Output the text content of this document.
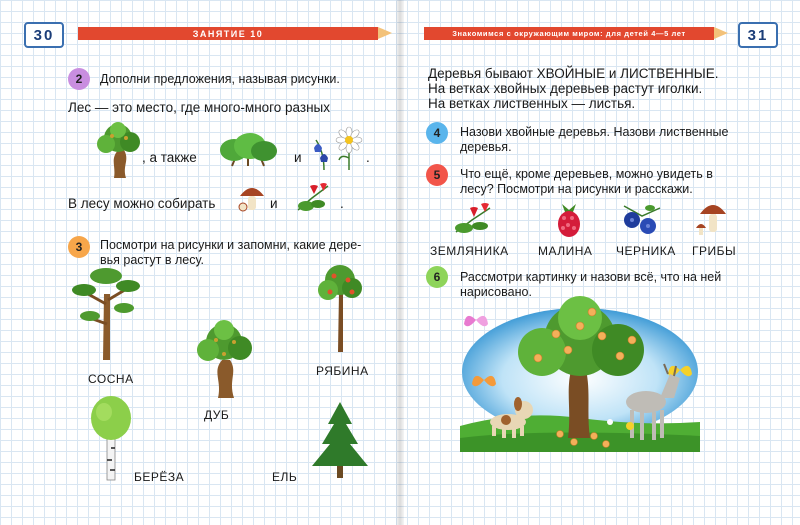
30	ЗАНЯТИЕ 10
2	Дополни предложения, называя рисунки.
Лес — это место, где много-много разных
, а также	и	.
В лесу можно собирать	и	.
3	Посмотри на рисунки и запомни, какие дере-
вья растут в лесу.
СОСНА
ДУБ
РЯБИНА
БЕРЁЗА	ЕЛЬ
Знакомимся с окружающим миром: для детей 4—5 лет	31
Деревья бывают ХВОЙНЫЕ и ЛИСТВЕННЫЕ.
На ветках хвойных деревьев растут иголки.
На ветках лиственных — листья.
4	Назови хвойные деревья. Назови лиственные
деревья.
5	Что ещё, кроме деревьев, можно увидеть в
лесу? Посмотри на рисунки и расскажи.
ЗЕМЛЯНИКА МАЛИНА ЧЕРНИКА ГРИБЫ
6	Рассмотри картинку и назови всё, что на ней
нарисовано.
